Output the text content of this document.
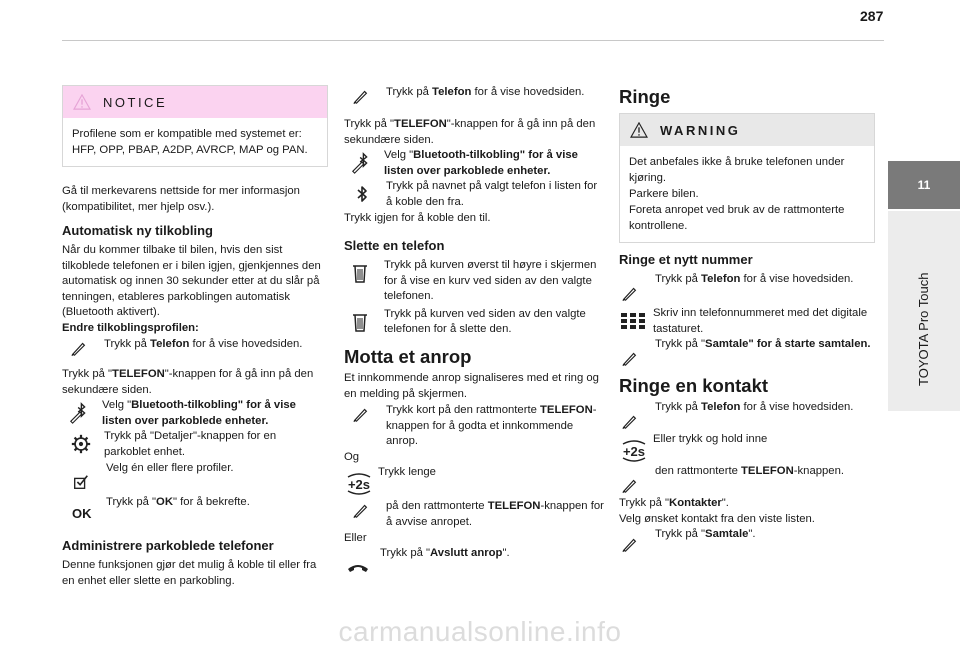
287
11
TOYOTA Pro Touch
NOTICE
Profilene som er kompatible med systemet er: HFP, OPP, PBAP, A2DP, AVRCP, MAP og PAN.

Gå til merkevarens nettside for mer informasjon (kompatibilitet, mer hjelp osv.).

Automatisk ny tilkobling

Når du kommer tilbake til bilen, hvis den sist tilkoblede telefonen er i bilen igjen, gjenkjennes den automatisk og innen 30 sekunder etter at du slår på tenningen, etableres parkoblingen automatisk (Bluetooth aktivert).

Endre tilkoblingsprofilen:

Trykk på Telefon for å vise hovedsiden.

Trykk på "TELEFON"-knappen for å gå inn på den sekundære siden.

Velg "Bluetooth-tilkobling" for å vise listen over parkoblede enheter.
Trykk på "Detaljer"-knappen for en parkoblet enhet.
Velg én eller flere profiler.
OK
Trykk på "OK" for å bekrefte.

Administrere parkoblede telefoner

Denne funksjonen gjør det mulig å koble til eller fra en enhet eller slette en parkobling.

Trykk på Telefon for å vise hovedsiden.

Trykk på "TELEFON"-knappen for å gå inn på den sekundære siden.

Velg "Bluetooth-tilkobling" for å vise listen over parkoblede enheter.
Trykk på navnet på valgt telefon i listen for å koble den fra.

Trykk igjen for å koble den til.

Slette en telefon

Trykk på kurven øverst til høyre i skjermen for å vise en kurv ved siden av den valgte telefonen.
Trykk på kurven ved siden av den valgte telefonen for å slette den.

Motta et anrop

Et innkommende anrop signaliseres med et ring og en melding på skjermen.

Trykk kort på den rattmonterte TELEFON-knappen for å godta et innkommende anrop.

Og

Trykk lenge
på den rattmonterte TELEFON-knappen for å avvise anropet.

Eller

Trykk på "Avslutt anrop".

Ringe

WARNING
Det anbefales ikke å bruke telefonen under kjøring.
Parkere bilen.
Foreta anropet ved bruk av de rattmonterte kontrollene.

Ringe et nytt nummer

Trykk på Telefon for å vise hovedsiden.
Skriv inn telefonnummeret med det digitale tastaturet.
Trykk på "Samtale" for å starte samtalen.

Ringe en kontakt

Trykk på Telefon for å vise hovedsiden.
Eller trykk og hold inne
den rattmonterte TELEFON-knappen.

Trykk på "Kontakter".

Velg ønsket kontakt fra den viste listen.

Trykk på "Samtale".
carmanualsonline.info
